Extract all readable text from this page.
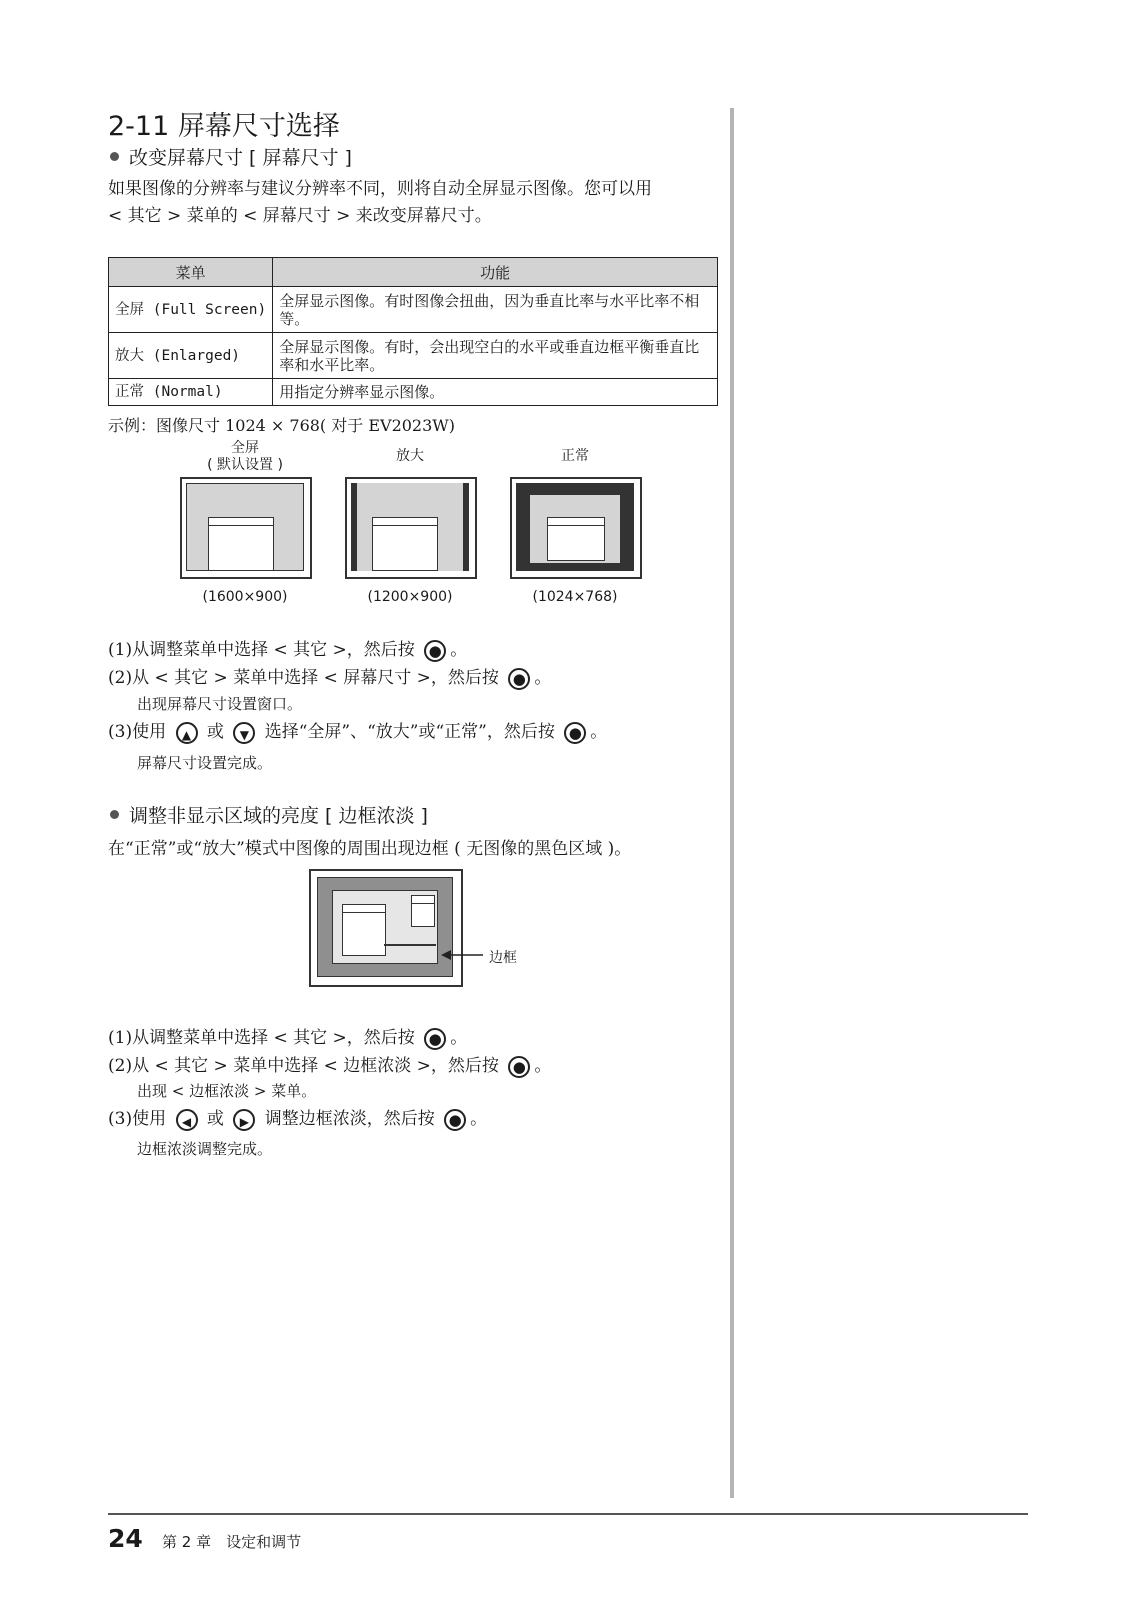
2-11 屏幕尺寸选择
改变屏幕尺寸 [ 屏幕尺寸 ]
如果图像的分辨率与建议分辨率不同，则将自动全屏显示图像。您可以用
< 其它 > 菜单的 < 屏幕尺寸 > 来改变屏幕尺寸。
菜单	功能
全屏 (Full Screen)	全屏显示图像。有时图像会扭曲，因为垂直比率与水平比率不相等。
放大 (Enlarged)	全屏显示图像。有时，会出现空白的水平或垂直边框平衡垂直比率和水平比率。
正常 (Normal)	用指定分辨率显示图像。
示例：图像尺寸 1024 × 768( 对于 EV2023W)
全屏
( 默认设置 )
(1600×900)
放大
(1200×900)
正常
(1024×768)
(1)从调整菜单中选择 < 其它 >，然后按 ● 。
(2)从 < 其它 > 菜单中选择 < 屏幕尺寸 >，然后按 ● 。
出现屏幕尺寸设置窗口。
(3)使用 ▲ 或 ▼ 选择“全屏”、“放大”或“正常”，然后按 ● 。
屏幕尺寸设置完成。
调整非显示区域的亮度 [ 边框浓淡 ]
在“正常”或“放大”模式中图像的周围出现边框 ( 无图像的黑色区域 )。
边框
(1)从调整菜单中选择 < 其它 >，然后按 ● 。
(2)从 < 其它 > 菜单中选择 < 边框浓淡 >，然后按 ● 。
出现 < 边框浓淡 > 菜单。
(3)使用 ◀ 或 ▶ 调整边框浓淡，然后按 ● 。
边框浓淡调整完成。
24 第 2 章　设定和调节
